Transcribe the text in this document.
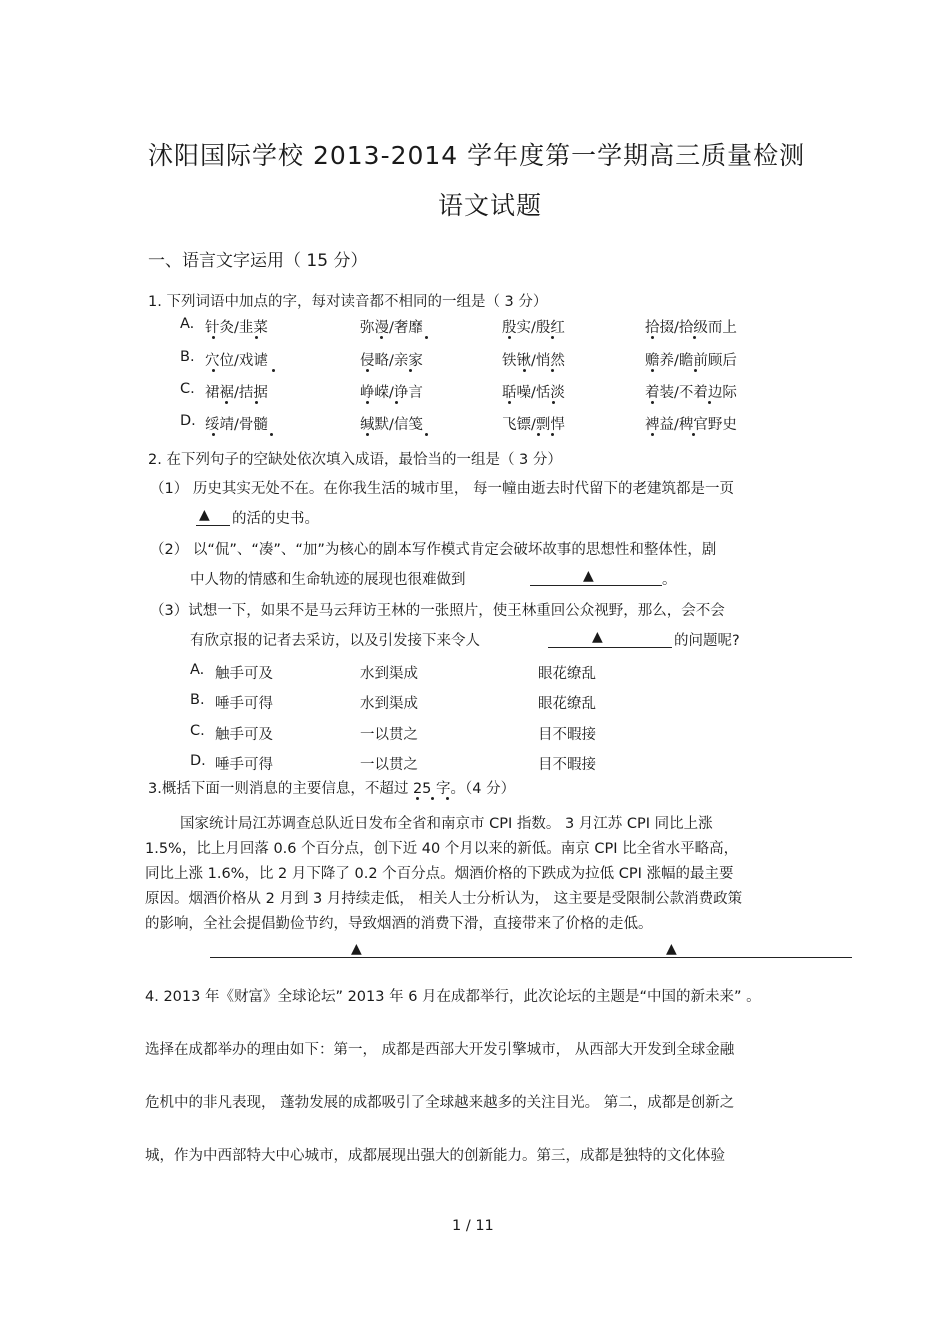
沭阳国际学校 2013-2014 学年度第一学期高三质量检测
语文试题
一、语言文字运用（ 15 分）
1. 下列词语中加点的字，每对读音都不相同的一组是（ 3 分）
A. 针灸/韭菜	弥漫/奢靡	殷实/殷红	拾掇/拾级而上
B. 穴位/戏谑	侵略/亲家	铁锹/悄然	赡养/瞻前顾后
C. 裙裾/拮据	峥嵘/诤言	聒噪/恬淡	着装/不着边际
D. 绥靖/骨髓	缄默/信笺	飞镖/剽悍	裨益/稗官野史
2. 在下列句子的空缺处依次填入成语，最恰当的一组是（ 3 分）
（1） 历史其实无处不在。在你我生活的城市里， 每一幢由逝去时代留下的老建筑都是一页
▲ 的活的史书。
（2） 以“侃”、“凑”、“加”为核心的剧本写作模式肯定会破坏故事的思想性和整体性，剧
中人物的情感和生命轨迹的展现也很难做到	▲	。
（3）试想一下，如果不是马云拜访王林的一张照片，使王林重回公众视野，那么，会不会
有欣京报的记者去采访，以及引发接下来令人	▲	的问题呢?
A. 触手可及	水到渠成	眼花缭乱
B. 唾手可得	水到渠成	眼花缭乱
C. 触手可及	一以贯之	目不暇接
D. 唾手可得	一以贯之	目不暇接
3.概括下面一则消息的主要信息，不超过 25 字。（4 分）
国家统计局江苏调查总队近日发布全省和南京市 CPI 指数。 3 月江苏 CPI 同比上涨
1.5%，比上月回落 0.6 个百分点，创下近 40 个月以来的新低。南京 CPI 比全省水平略高，
同比上涨 1.6%，比 2 月下降了 0.2 个百分点。烟酒价格的下跌成为拉低 CPI 涨幅的最主要
原因。烟酒价格从 2 月到 3 月持续走低， 相关人士分析认为， 这主要是受限制公款消费政策
的影响，全社会提倡勤俭节约，导致烟酒的消费下滑，直接带来了价格的走低。
▲	▲
4. 2013 年《财富》全球论坛” 2013 年 6 月在成都举行，此次论坛的主题是“中国的新未来” 。
选择在成都举办的理由如下：第一， 成都是西部大开发引擎城市， 从西部大开发到全球金融
危机中的非凡表现， 蓬勃发展的成都吸引了全球越来越多的关注目光。 第二，成都是创新之
城，作为中西部特大中心城市，成都展现出强大的创新能力。第三，成都是独特的文化体验
1 / 11
